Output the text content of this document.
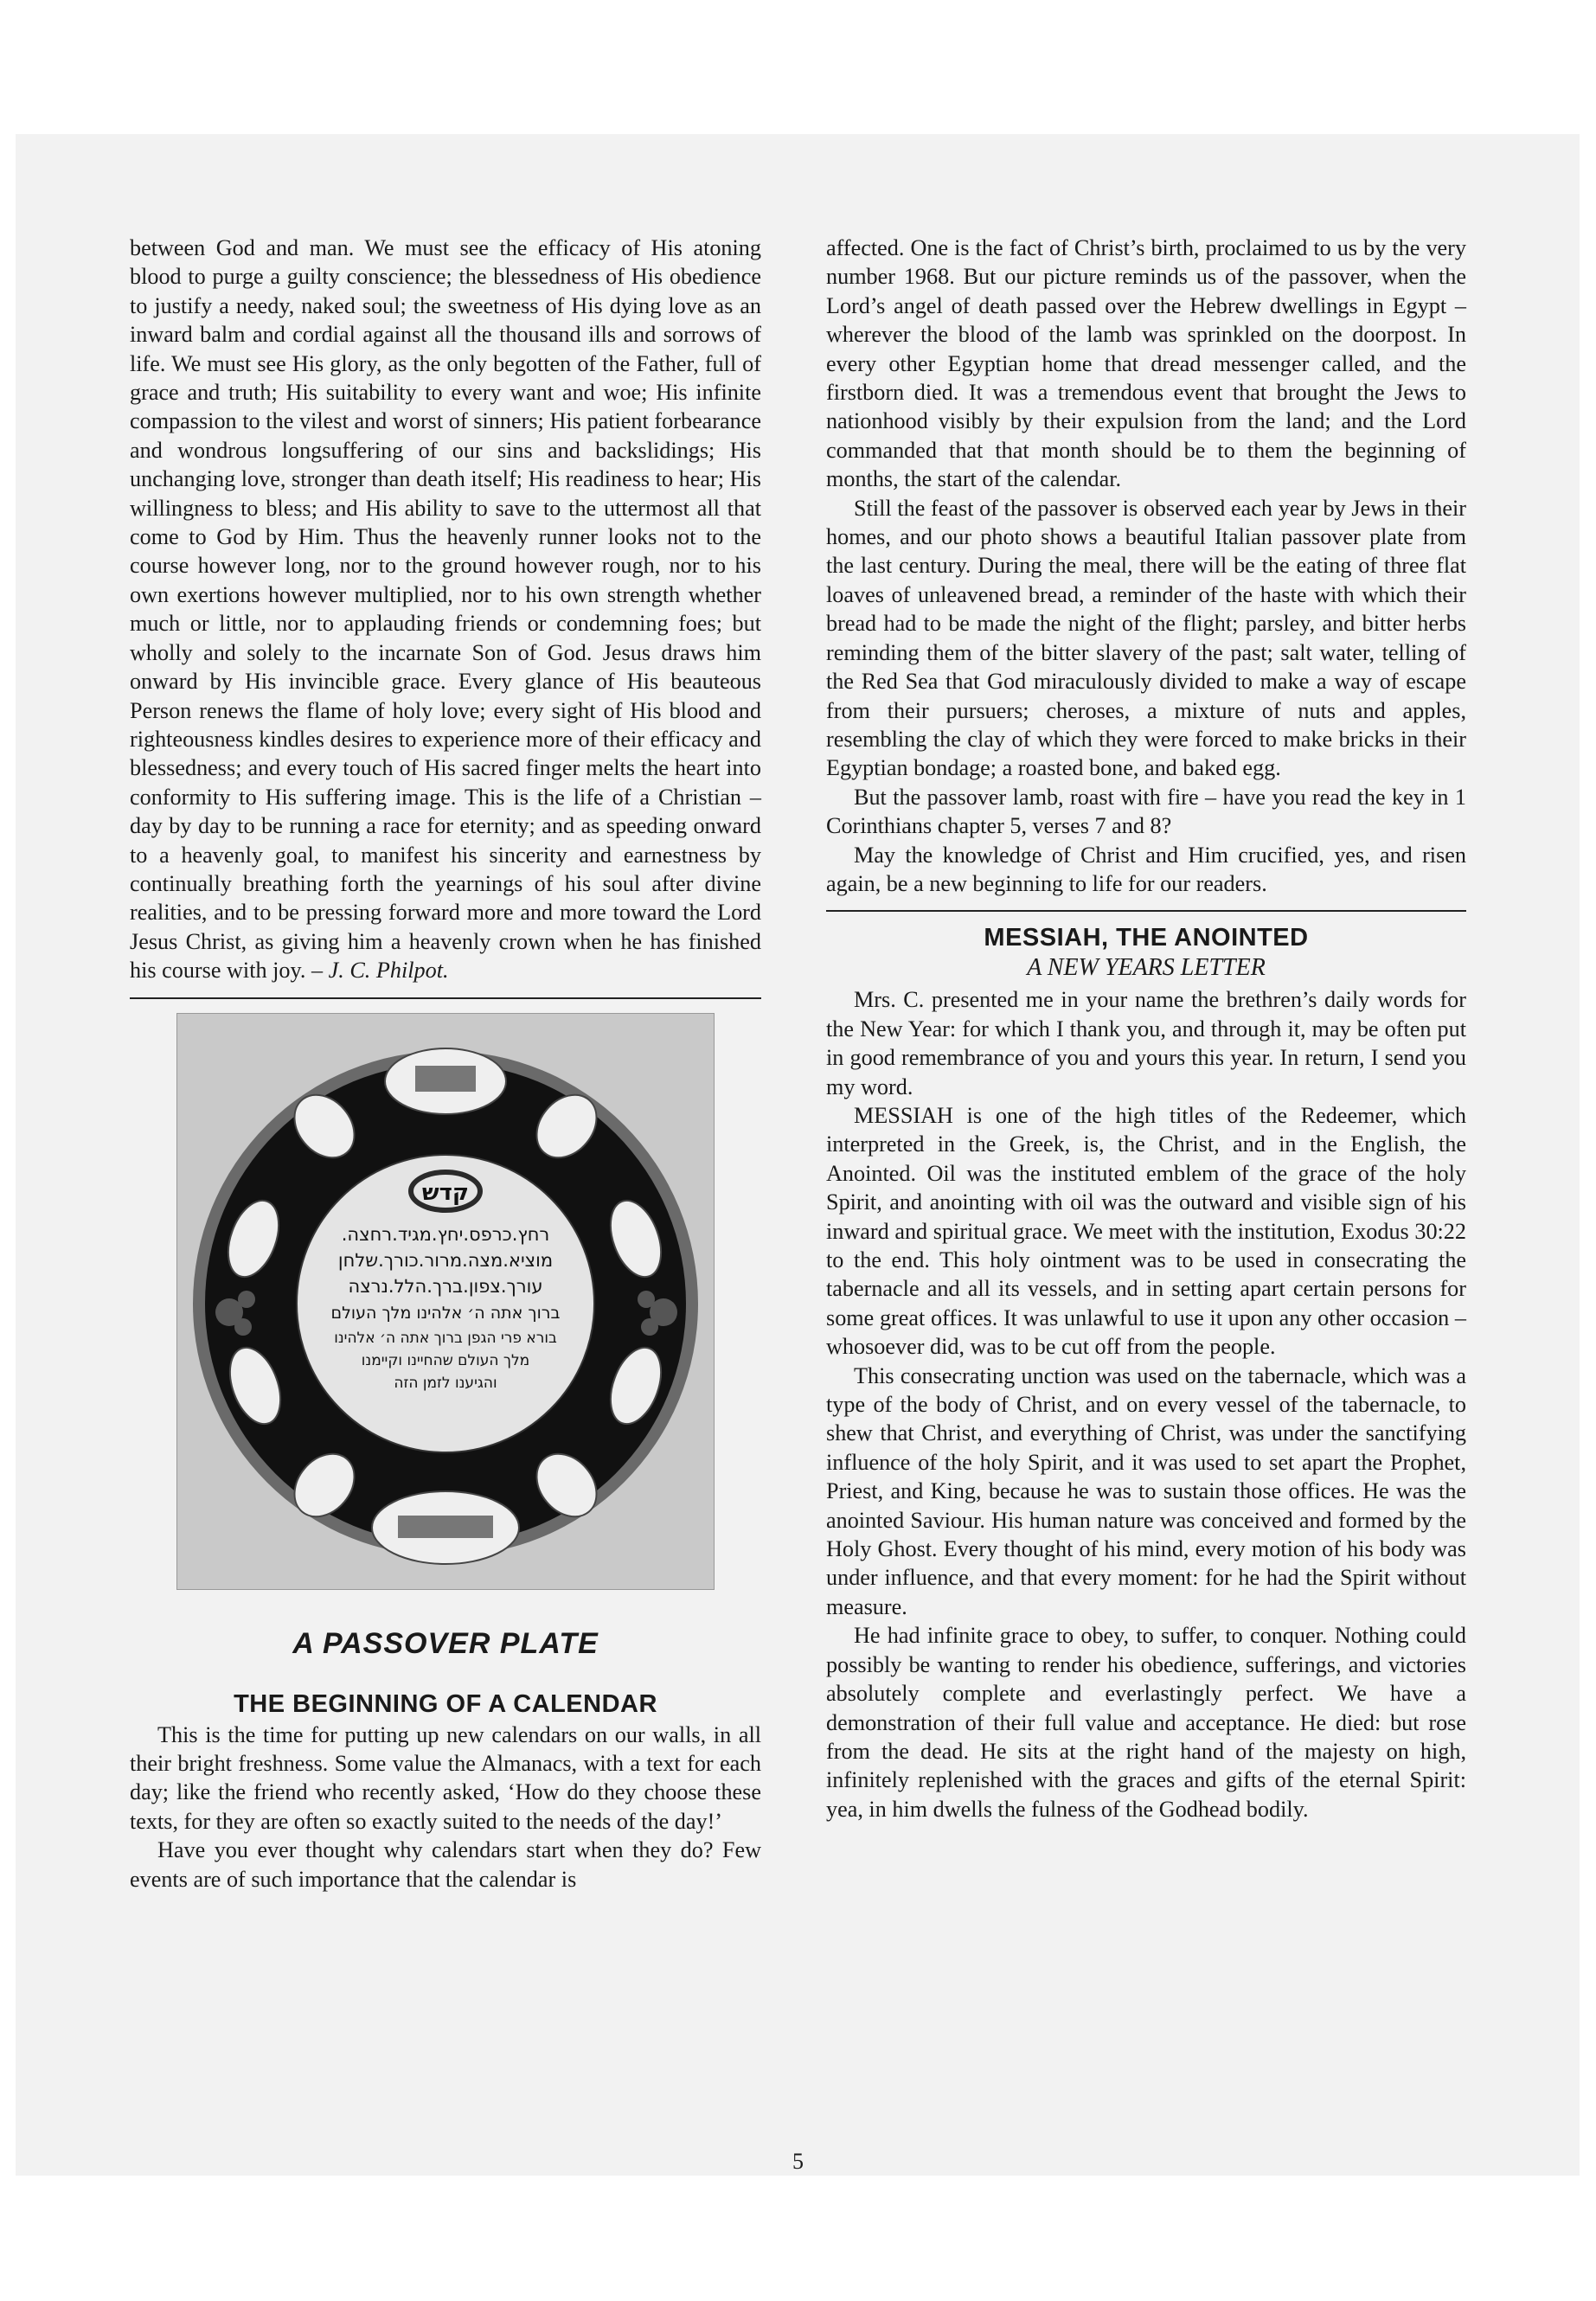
between God and man. We must see the efficacy of His atoning blood to purge a guilty conscience; the blessedness of His obedience to justify a needy, naked soul; the sweetness of His dying love as an inward balm and cordial against all the thousand ills and sorrows of life. We must see His glory, as the only begotten of the Father, full of grace and truth; His suitability to every want and woe; His infinite compassion to the vilest and worst of sinners; His patient forbearance and wondrous longsuffering of our sins and backslidings; His unchanging love, stronger than death itself; His readiness to hear; His willingness to bless; and His ability to save to the uttermost all that come to God by Him. Thus the heavenly runner looks not to the course however long, nor to the ground however rough, nor to his own exertions however multiplied, nor to his own strength whether much or little, nor to applauding friends or condemning foes; but wholly and solely to the incarnate Son of God. Jesus draws him onward by His invincible grace. Every glance of His beauteous Person renews the flame of holy love; every sight of His blood and righteousness kindles desires to experience more of their efficacy and blessedness; and every touch of His sacred finger melts the heart into conformity to His suffering image. This is the life of a Christian – day by day to be running a race for eternity; and as speeding onward to a heavenly goal, to manifest his sincerity and earnestness by continually breathing forth the yearnings of his soul after divine realities, and to be pressing forward more and more toward the Lord Jesus Christ, as giving him a heavenly crown when he has finished his course with joy. – J. C. Philpot.

קדש
.רחץ.כרפס.יחץ.מגיד.רחצה
מוציא.מצה.מרור.כורך.שלחן
עורך.צפון.ברך.הלל.נרצה
ברוך אתה ה׳ אלהינו מלך העולם
בורא פרי הגפן ברוך אתה ה׳ אלהינו
מלך העולם שהחיינו וקיימנו
והגיענו לזמן הזה
A PASSOVER PLATE
THE BEGINNING OF A CALENDAR

This is the time for putting up new calendars on our walls, in all their bright freshness. Some value the Almanacs, with a text for each day; like the friend who recently asked, ‘How do they choose these texts, for they are often so exactly suited to the needs of the day!’

Have you ever thought why calendars start when they do? Few events are of such importance that the calendar is

affected. One is the fact of Christ’s birth, proclaimed to us by the very number 1968. But our picture reminds us of the passover, when the Lord’s angel of death passed over the Hebrew dwellings in Egypt – wherever the blood of the lamb was sprinkled on the doorpost. In every other Egyptian home that dread messenger called, and the firstborn died. It was a tremendous event that brought the Jews to nationhood visibly by their expulsion from the land; and the Lord commanded that that month should be to them the beginning of months, the start of the calendar.

Still the feast of the passover is observed each year by Jews in their homes, and our photo shows a beautiful Italian passover plate from the last century. During the meal, there will be the eating of three flat loaves of unleavened bread, a reminder of the haste with which their bread had to be made the night of the flight; parsley, and bitter herbs reminding them of the bitter slavery of the past; salt water, telling of the Red Sea that God miraculously divided to make a way of escape from their pursuers; cheroses, a mixture of nuts and apples, resembling the clay of which they were forced to make bricks in their Egyptian bondage; a roasted bone, and baked egg.

But the passover lamb, roast with fire – have you read the key in 1 Corinthians chapter 5, verses 7 and 8?

May the knowledge of Christ and Him crucified, yes, and risen again, be a new beginning to life for our readers.

MESSIAH, THE ANOINTED
A NEW YEARS LETTER

Mrs. C. presented me in your name the brethren’s daily words for the New Year: for which I thank you, and through it, may be often put in good remembrance of you and yours this year. In return, I send you my word.

MESSIAH is one of the high titles of the Redeemer, which interpreted in the Greek, is, the Christ, and in the English, the Anointed. Oil was the instituted emblem of the grace of the holy Spirit, and anointing with oil was the outward and visible sign of his inward and spiritual grace. We meet with the institution, Exodus 30:22 to the end. This holy ointment was to be used in consecrating the tabernacle and all its vessels, and in setting apart certain persons for some great offices. It was unlawful to use it upon any other occasion – whosoever did, was to be cut off from the people.

This consecrating unction was used on the tabernacle, which was a type of the body of Christ, and on every vessel of the tabernacle, to shew that Christ, and everything of Christ, was under the sanctifying influence of the holy Spirit, and it was used to set apart the Prophet, Priest, and King, because he was to sustain those offices. He was the anointed Saviour. His human nature was conceived and formed by the Holy Ghost. Every thought of his mind, every motion of his body was under influence, and that every moment: for he had the Spirit without measure.

He had infinite grace to obey, to suffer, to conquer. Nothing could possibly be wanting to render his obedience, sufferings, and victories absolutely complete and everlastingly perfect. We have a demonstration of their full value and acceptance. He died: but rose from the dead. He sits at the right hand of the majesty on high, infinitely replenished with the graces and gifts of the eternal Spirit: yea, in him dwells the fulness of the Godhead bodily.

5
